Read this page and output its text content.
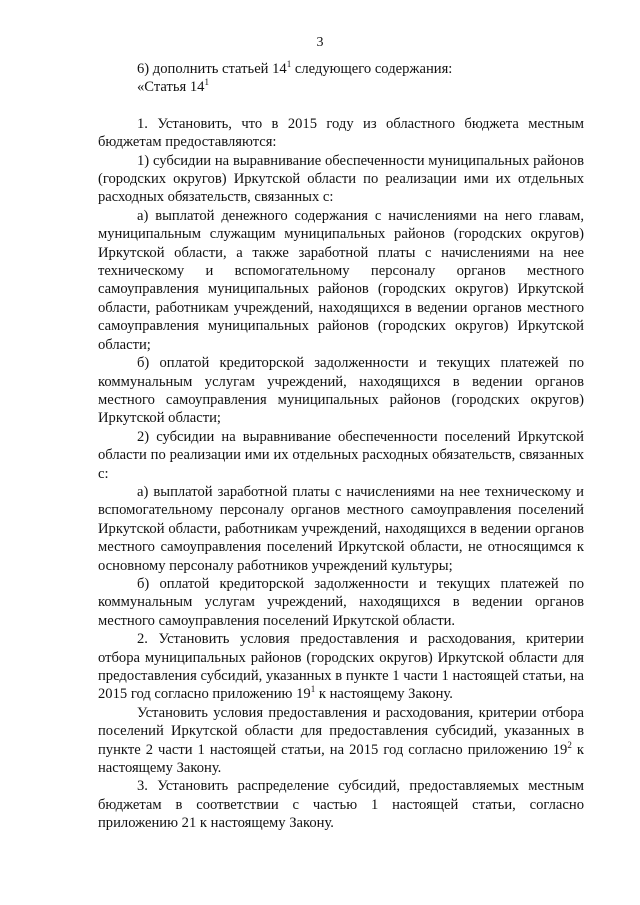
3

6) дополнить статьей $14^1$ следующего содержания:

«Статья $14^1$

1. Установить, что в 2015 году из областного бюджета местным бюджетам предоставляются:

1) субсидии на выравнивание обеспеченности муниципальных районов (городских округов) Иркутской области по реализации ими их отдельных расходных обязательств, связанных с:

а) выплатой денежного содержания с начислениями на него главам, муниципальным служащим муниципальных районов (городских округов) Иркутской области, а также заработной платы с начислениями на нее техническому и вспомогательному персоналу органов местного самоуправления муниципальных районов (городских округов) Иркутской области, работникам учреждений, находящихся в ведении органов местного самоуправления муниципальных районов (городских округов) Иркутской области;

б) оплатой кредиторской задолженности и текущих платежей по коммунальным услугам учреждений, находящихся в ведении органов местного самоуправления муниципальных районов (городских округов) Иркутской области;

2) субсидии на выравнивание обеспеченности поселений Иркутской области по реализации ими их отдельных расходных обязательств, связанных с:

а) выплатой заработной платы с начислениями на нее техническому и вспомогательному персоналу органов местного самоуправления поселений Иркутской области, работникам учреждений, находящихся в ведении органов местного самоуправления поселений Иркутской области, не относящимся к основному персоналу работников учреждений культуры;

б) оплатой кредиторской задолженности и текущих платежей по коммунальным услугам учреждений, находящихся в ведении органов местного самоуправления поселений Иркутской области.

2. Установить условия предоставления и расходования, критерии отбора муниципальных районов (городских округов) Иркутской области для предоставления субсидий, указанных в пункте 1 части 1 настоящей статьи, на 2015 год согласно приложению $19^1$ к настоящему Закону.

Установить условия предоставления и расходования, критерии отбора поселений Иркутской области для предоставления субсидий, указанных в пункте 2 части 1 настоящей статьи, на 2015 год согласно приложению $19^2$ к настоящему Закону.

3. Установить распределение субсидий, предоставляемых местным бюджетам в соответствии с частью 1 настоящей статьи, согласно приложению 21 к настоящему Закону.
